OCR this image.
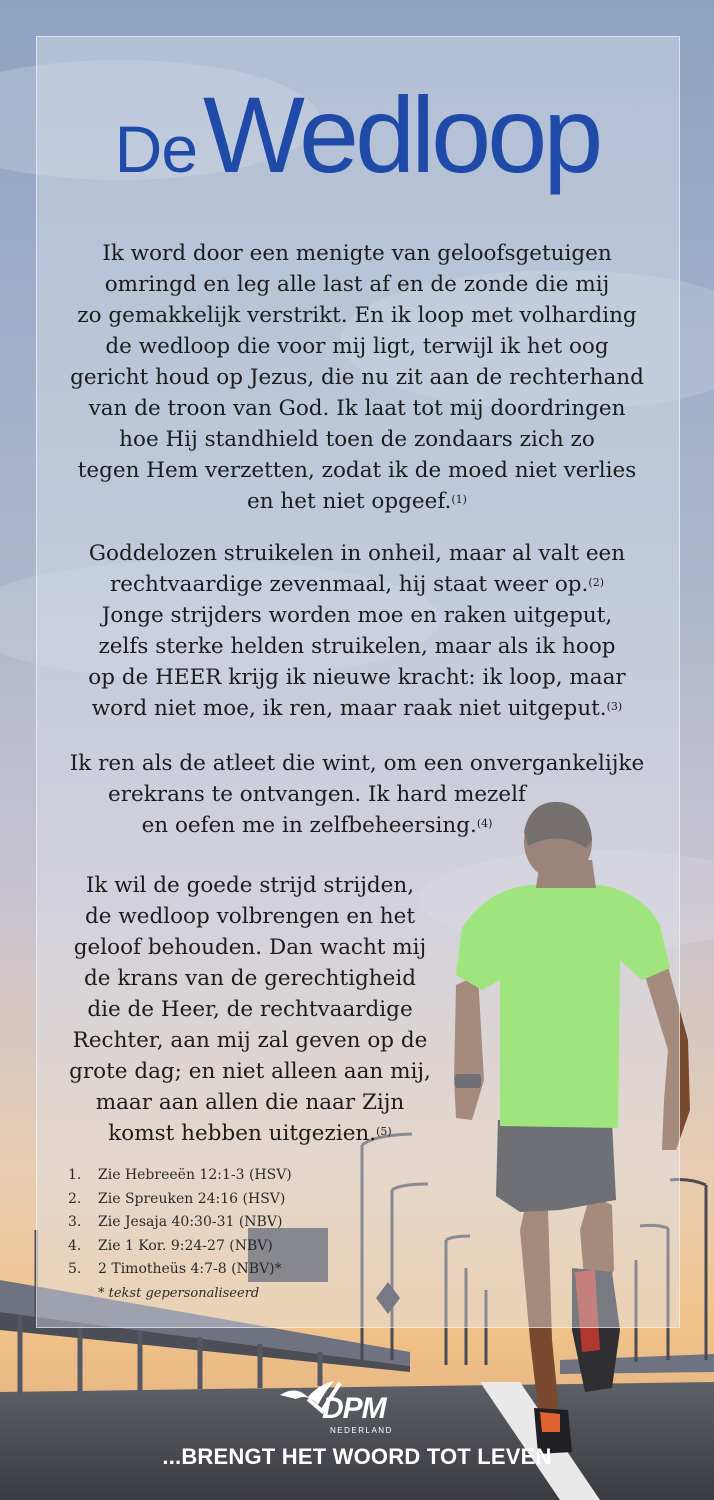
DeWedloop
Ik word door een menigte van geloofsgetuigen
omringd en leg alle last af en de zonde die mij
zo gemakkelijk verstrikt. En ik loop met volharding
de wedloop die voor mij ligt, terwijl ik het oog
gericht houd op Jezus, die nu zit aan de rechterhand
van de troon van God. Ik laat tot mij doordringen
hoe Hij standhield toen de zondaars zich zo
tegen Hem verzetten, zodat ik de moed niet verlies
en het niet opgeef.$^{(1)}$
Goddelozen struikelen in onheil, maar al valt een
rechtvaardige zevenmaal, hij staat weer op.$^{(2)}$
Jonge strijders worden moe en raken uitgeput,
zelfs sterke helden struikelen, maar als ik hoop
op de HEER krijg ik nieuwe kracht: ik loop, maar
word niet moe, ik ren, maar raak niet uitgeput.$^{(3)}$
Ik ren als de atleet die wint, om een onvergankelijke
erekrans te ontvangen. Ik hard mezelf
en oefen me in zelfbeheersing.$^{(4)}$
Ik wil de goede strijd strijden,
de wedloop volbrengen en het
geloof behouden. Dan wacht mij
de krans van de gerechtigheid
die de Heer, de rechtvaardige
Rechter, aan mij zal geven op de
grote dag; en niet alleen aan mij,
maar aan allen die naar Zijn
komst hebben uitgezien.$^{(5)}$
1. Zie Hebreeën 12:1-3 (HSV)
2. Zie Spreuken 24:16 (HSV)
3. Zie Jesaja 40:30-31 (NBV)
4. Zie 1 Kor. 9:24-27 (NBV)
5. 2 Timotheüs 4:7-8 (NBV)*
* tekst gepersonaliseerd
DPM
NEDERLAND
...BRENGT HET WOORD TOT LEVEN
